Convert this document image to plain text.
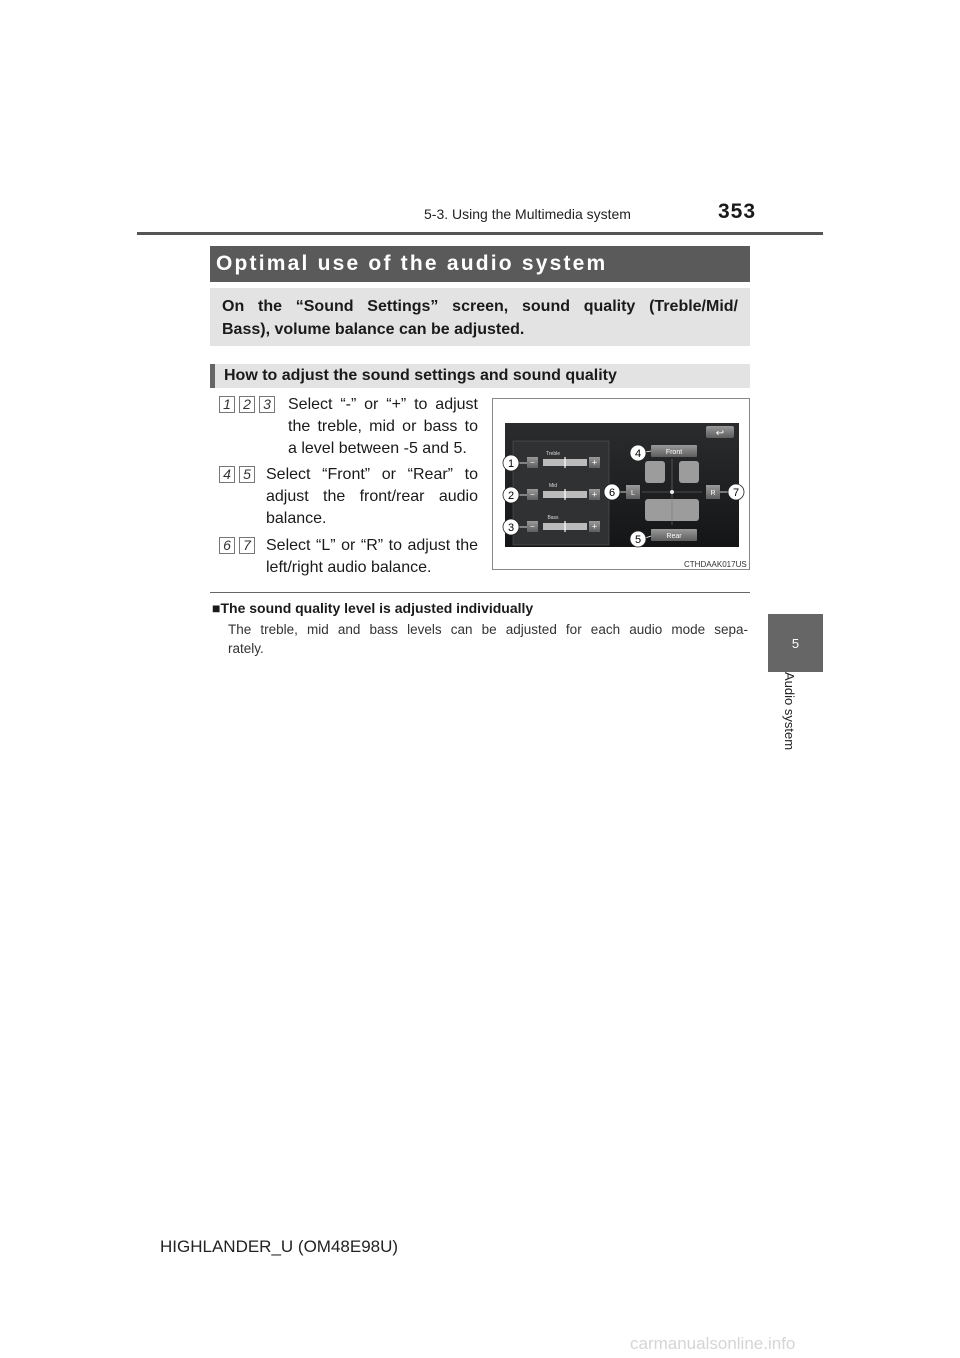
5-3. Using the Multimedia system	353
Optimal use of the audio system
On the “Sound Settings” screen, sound quality (Treble/Mid/
Bass), volume balance can be adjusted.
How to adjust the sound settings and sound quality
1 2 3 Select “-” or “+” to adjust
the treble, mid or bass to
a level between -5 and 5.
4 5 Select “Front” or “Rear” to
adjust the front/rear audio
balance.
6 7 Select “L” or “R” to adjust the
left/right audio balance.
↩
Treble
−	+
Mid
−	+
Bass
−	+
Front
L	R
Rear
1
2
3
4
5
6	7
CTHDAAK017US
■The sound quality level is adjusted individually
The treble, mid and bass levels can be adjusted for each audio mode sepa-
rately.	5
Audio system
HIGHLANDER_U (OM48E98U)
carmanualsonline.info
